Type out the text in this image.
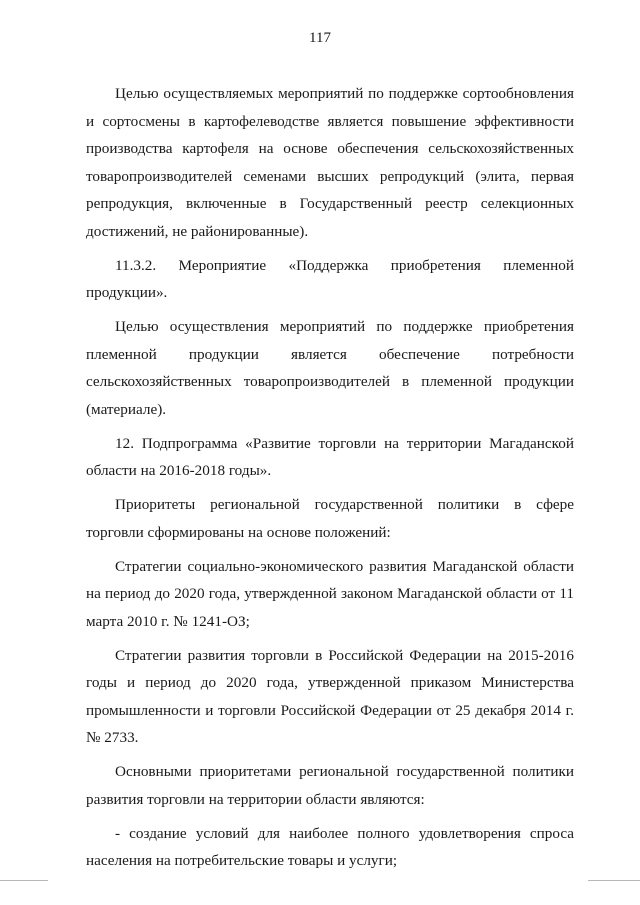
117

Целью осуществляемых мероприятий по поддержке сортообновления и сортосмены в картофелеводстве является повышение эффективности производства картофеля на основе обеспечения сельскохозяйственных товаропроизводителей семенами высших репродукций (элита, первая репродукция, включенные в Государственный реестр селекционных достижений, не районированные).

11.3.2. Мероприятие «Поддержка приобретения племенной продукции».

Целью осуществления мероприятий по поддержке приобретения племенной продукции является обеспечение потребности сельскохозяйственных товаропроизводителей в племенной продукции (материале).

12. Подпрограмма «Развитие торговли на территории Магаданской области на 2016-2018 годы».

Приоритеты региональной государственной политики в сфере торговли сформированы на основе положений:

Стратегии социально-экономического развития Магаданской области на период до 2020 года, утвержденной законом Магаданской области от 11 марта 2010 г. № 1241-ОЗ;

Стратегии развития торговли в Российской Федерации на 2015-2016 годы и период до 2020 года, утвержденной приказом Министерства промышленности и торговли Российской Федерации от 25 декабря 2014 г. № 2733.

Основными приоритетами региональной государственной политики развития торговли на территории области являются:

- создание условий для наиболее полного удовлетворения спроса населения на потребительские товары и услуги;
